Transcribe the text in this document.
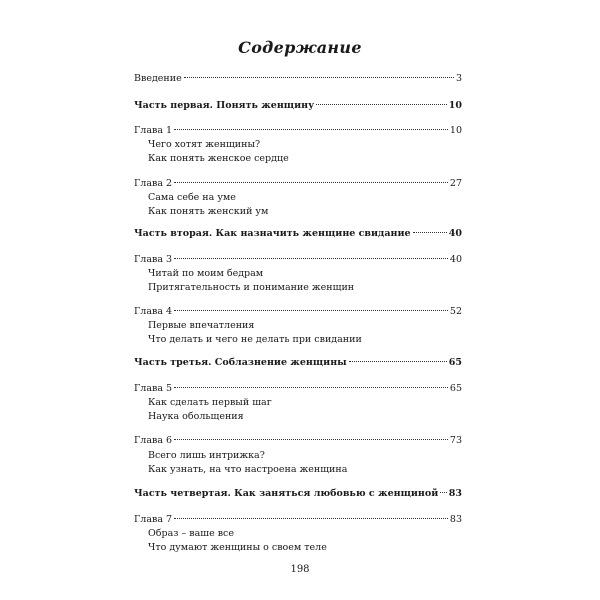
Содержание
Введение	3
Часть первая. Понять женщину	10
Глава 1	10
Чего хотят женщины?
Как понять женское сердце
Глава 2	27
Сама себе на уме
Как понять женский ум
Часть вторая. Как назначить женщине свидание	40
Глава 3	40
Читай по моим бедрам
Притягательность и понимание женщин
Глава 4	52
Первые впечатления
Что делать и чего не делать при свидании
Часть третья. Соблазнение женщины	65
Глава 5	65
Как сделать первый шаг
Наука обольщения
Глава 6	73
Всего лишь интрижка?
Как узнать, на что настроена женщина
Часть четвертая. Как заняться любовью с женщиной 83
Глава 7	83
Образ – ваше все
Что думают женщины о своем теле
198
